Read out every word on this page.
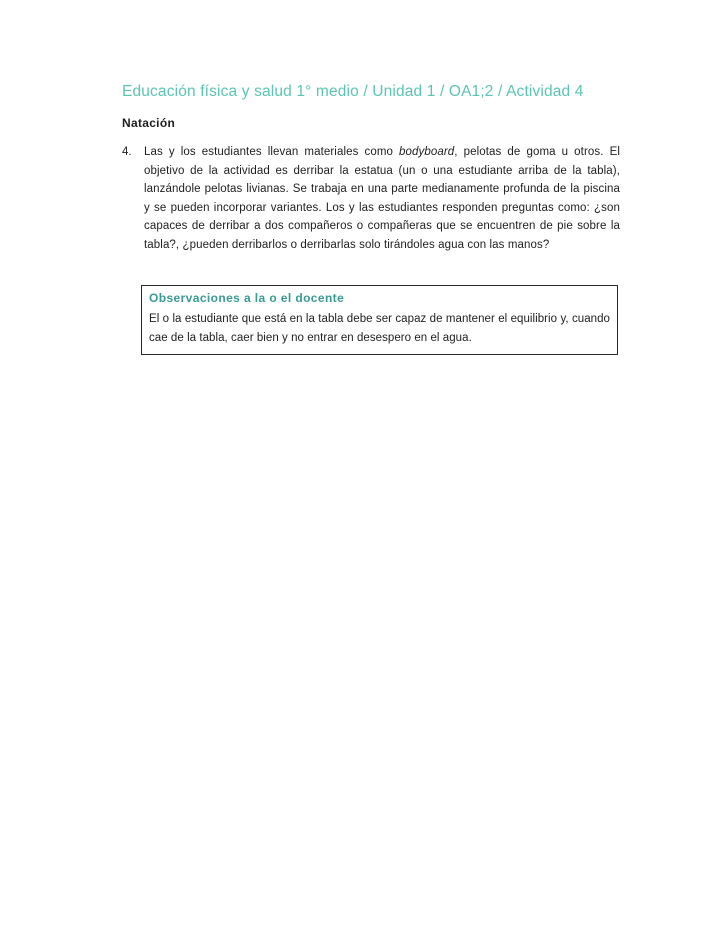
Educación física y salud 1° medio / Unidad 1 / OA1;2 / Actividad 4
Natación
4. Las y los estudiantes llevan materiales como bodyboard, pelotas de goma u otros. El objetivo de la actividad es derribar la estatua (un o una estudiante arriba de la tabla), lanzándole pelotas livianas. Se trabaja en una parte medianamente profunda de la piscina y se pueden incorporar variantes. Los y las estudiantes responden preguntas como: ¿son capaces de derribar a dos compañeros o compañeras que se encuentren de pie sobre la tabla?, ¿pueden derribarlos o derribarlas solo tirándoles agua con las manos?
Observaciones a la o el docente
El o la estudiante que está en la tabla debe ser capaz de mantener el equilibrio y, cuando cae de la tabla, caer bien y no entrar en desespero en el agua.
